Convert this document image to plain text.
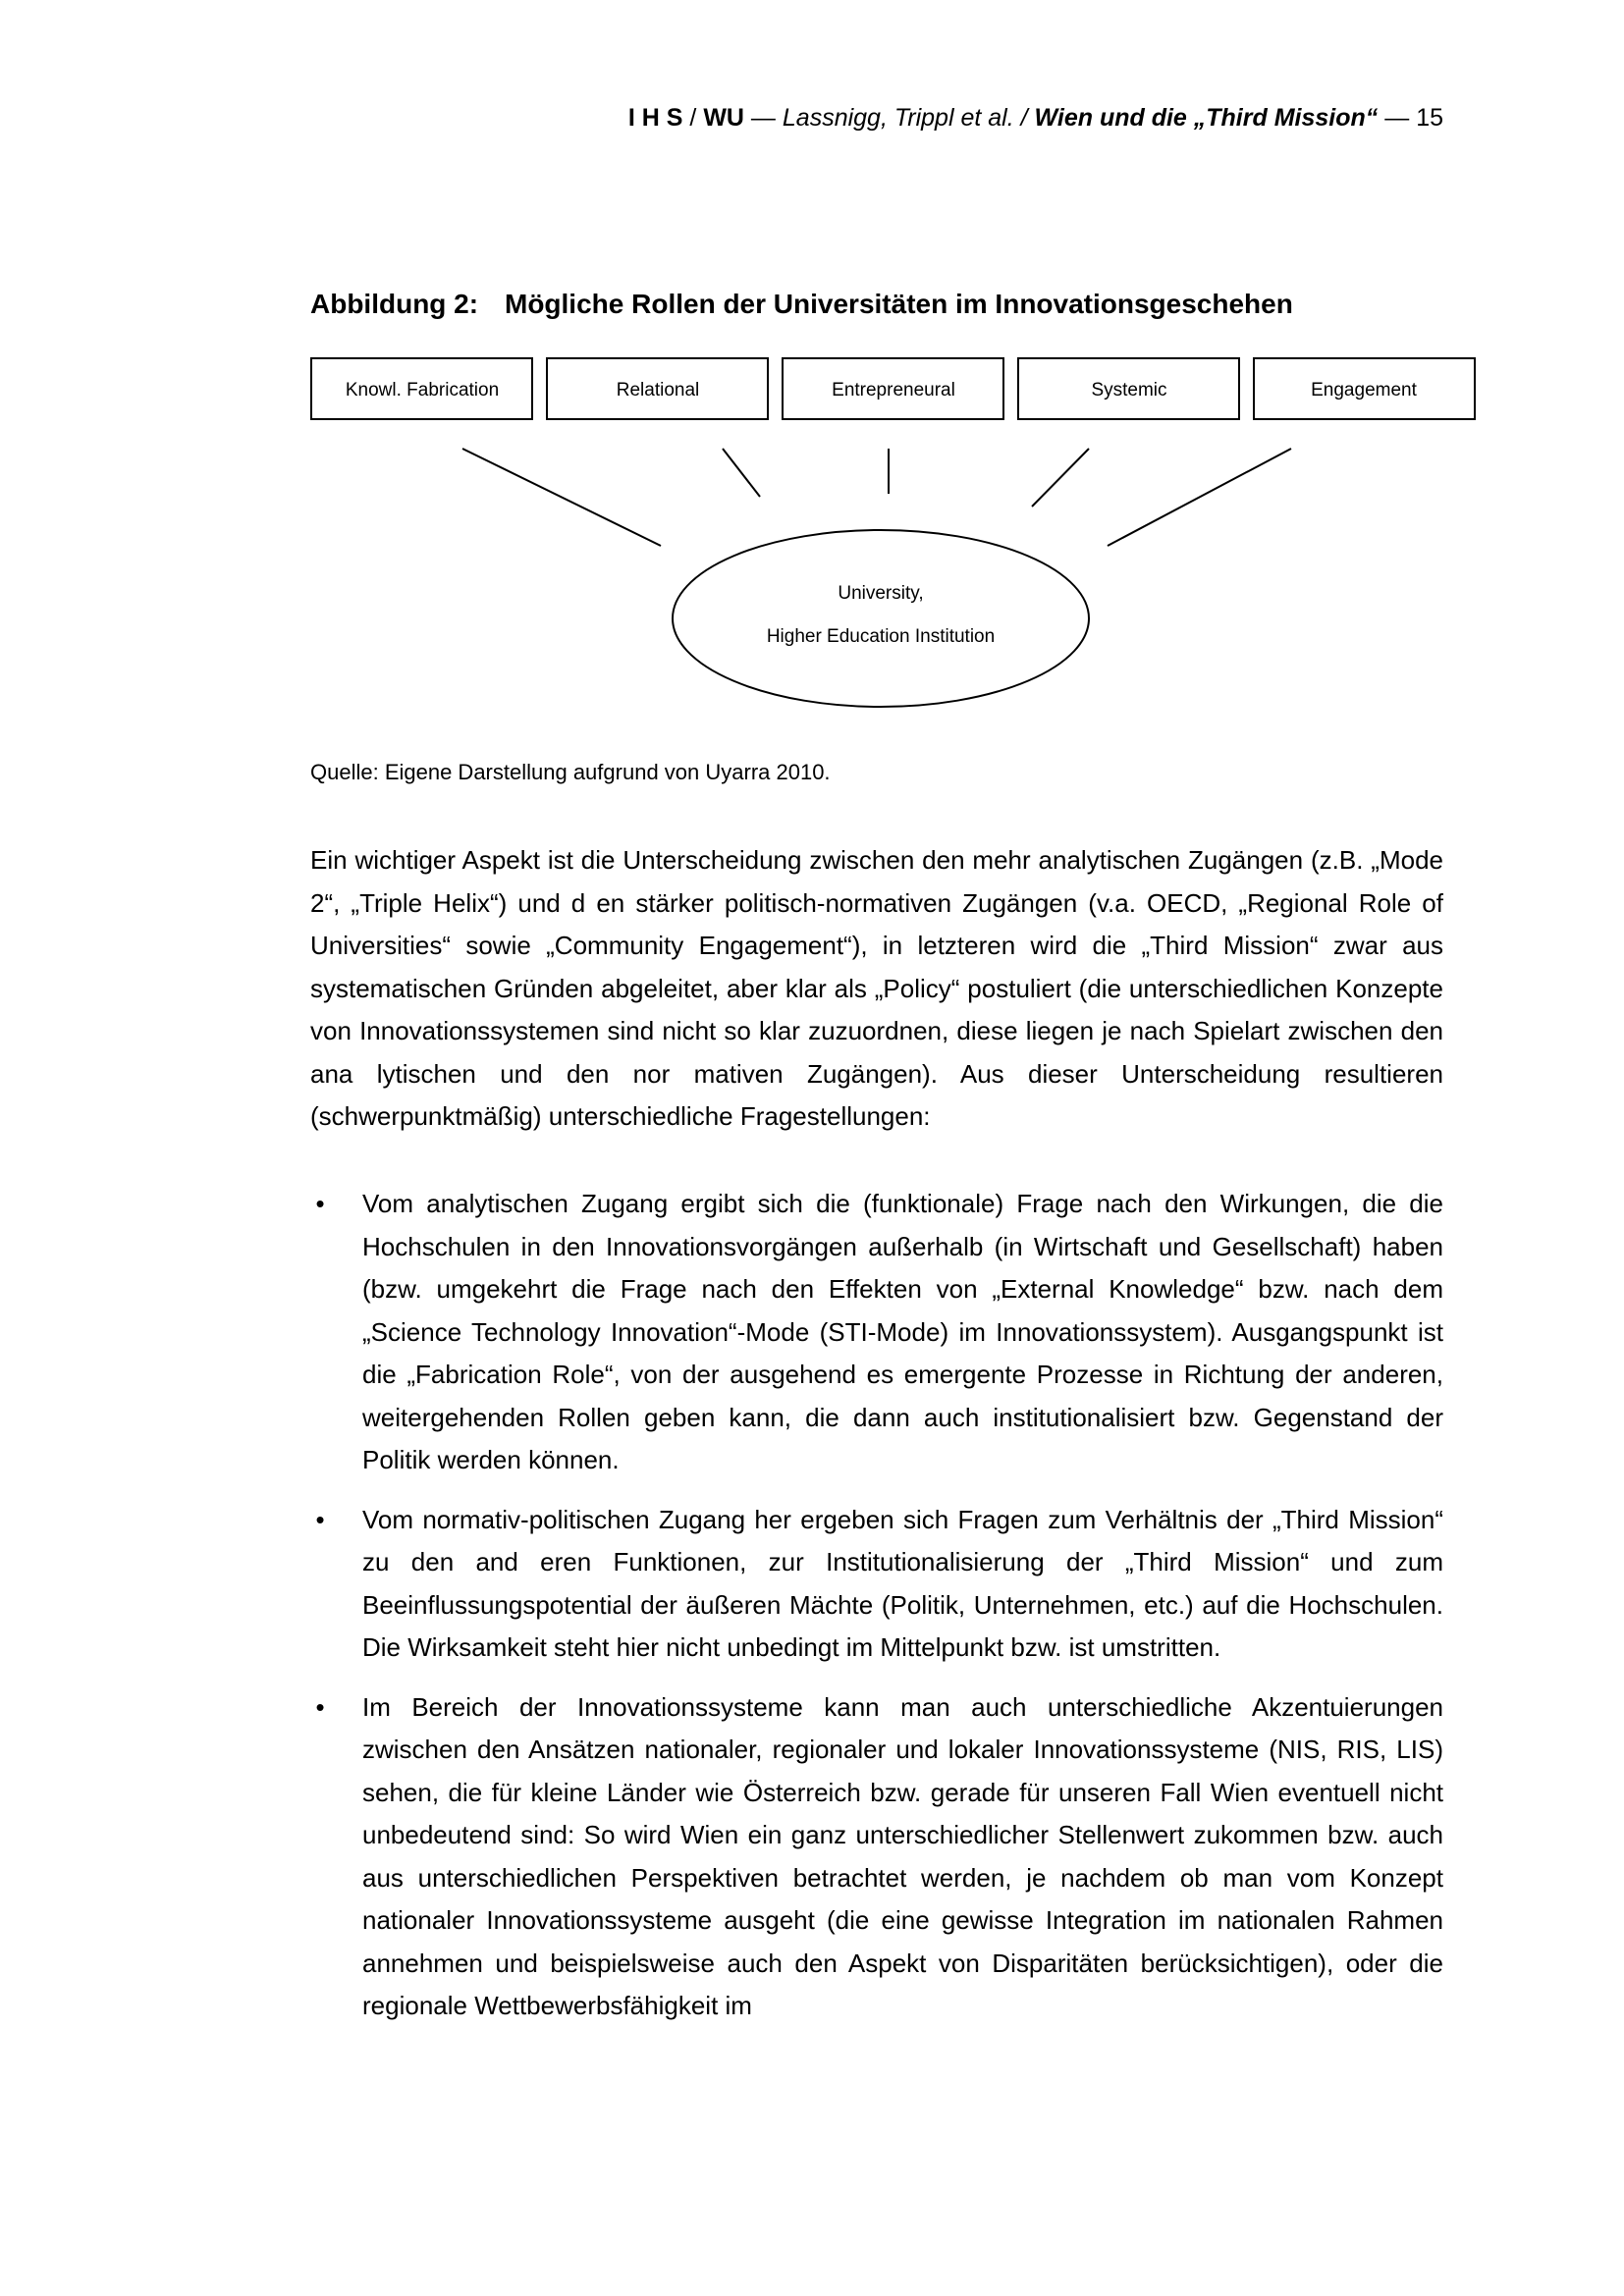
I H S / WU — Lassnigg, Trippl et al. / Wien und die „Third Mission“ — 15
Abbildung 2: Mögliche Rollen der Universitäten im Innovationsgeschehen
Knowl. Fabrication	Relational	Entrepreneural	Systemic	Engagement
University,
Higher Education Institution
Quelle: Eigene Darstellung aufgrund von Uyarra 2010.
Ein wichtiger Aspekt ist die Unterscheidung zwischen den mehr analytischen Zugängen (z.B. „Mode 2“, „Triple Helix“) und d en stärker politisch-normativen Zugängen (v.a. OECD, „Regional Role of Universities“ sowie „Community Engagement“), in letzteren wird die „Third Mission“ zwar aus systematischen Gründen abgeleitet, aber klar als „Policy“ postuliert (die unterschiedlichen Konzepte von Innovationssystemen sind nicht so klar zuzuordnen, diese liegen je nach Spielart zwischen den ana lytischen und den nor mativen Zugängen). Aus dieser Unterscheidung resultieren (schwerpunktmäßig) unterschiedliche Fragestellungen:
• Vom analytischen Zugang ergibt sich die (funktionale) Frage nach den Wirkungen, die die Hochschulen in den Innovationsvorgängen außerhalb (in Wirtschaft und Gesellschaft) haben (bzw. umgekehrt die Frage nach den Effekten von „External Knowledge“ bzw. nach dem „Science Technology Innovation“-Mode (STI-Mode) im Innovationssystem). Ausgangspunkt ist die „Fabrication Role“, von der ausgehend es emergente Prozesse in Richtung der anderen, weitergehenden Rollen geben kann, die dann auch institutionalisiert bzw. Gegenstand der Politik werden können.
• Vom normativ-politischen Zugang her ergeben sich Fragen zum Verhältnis der „Third Mission“ zu den and eren Funktionen, zur Institutionalisierung der „Third Mission“ und zum Beeinflussungspotential der äußeren Mächte (Politik, Unternehmen, etc.) auf die Hochschulen. Die Wirksamkeit steht hier nicht unbedingt im Mittelpunkt bzw. ist umstritten.
• Im Bereich der Innovationssysteme kann man auch unterschiedliche Akzentuierungen zwischen den Ansätzen nationaler, regionaler und lokaler Innovationssysteme (NIS, RIS, LIS) sehen, die für kleine Länder wie Österreich bzw. gerade für unseren Fall Wien eventuell nicht unbedeutend sind: So wird Wien ein ganz unterschiedlicher Stellenwert zukommen bzw. auch aus unterschiedlichen Perspektiven betrachtet werden, je nachdem ob man vom Konzept nationaler Innovationssysteme ausgeht (die eine gewisse Integration im nationalen Rahmen annehmen und beispielsweise auch den Aspekt von Disparitäten berücksichtigen), oder die regionale Wettbewerbsfähigkeit im
